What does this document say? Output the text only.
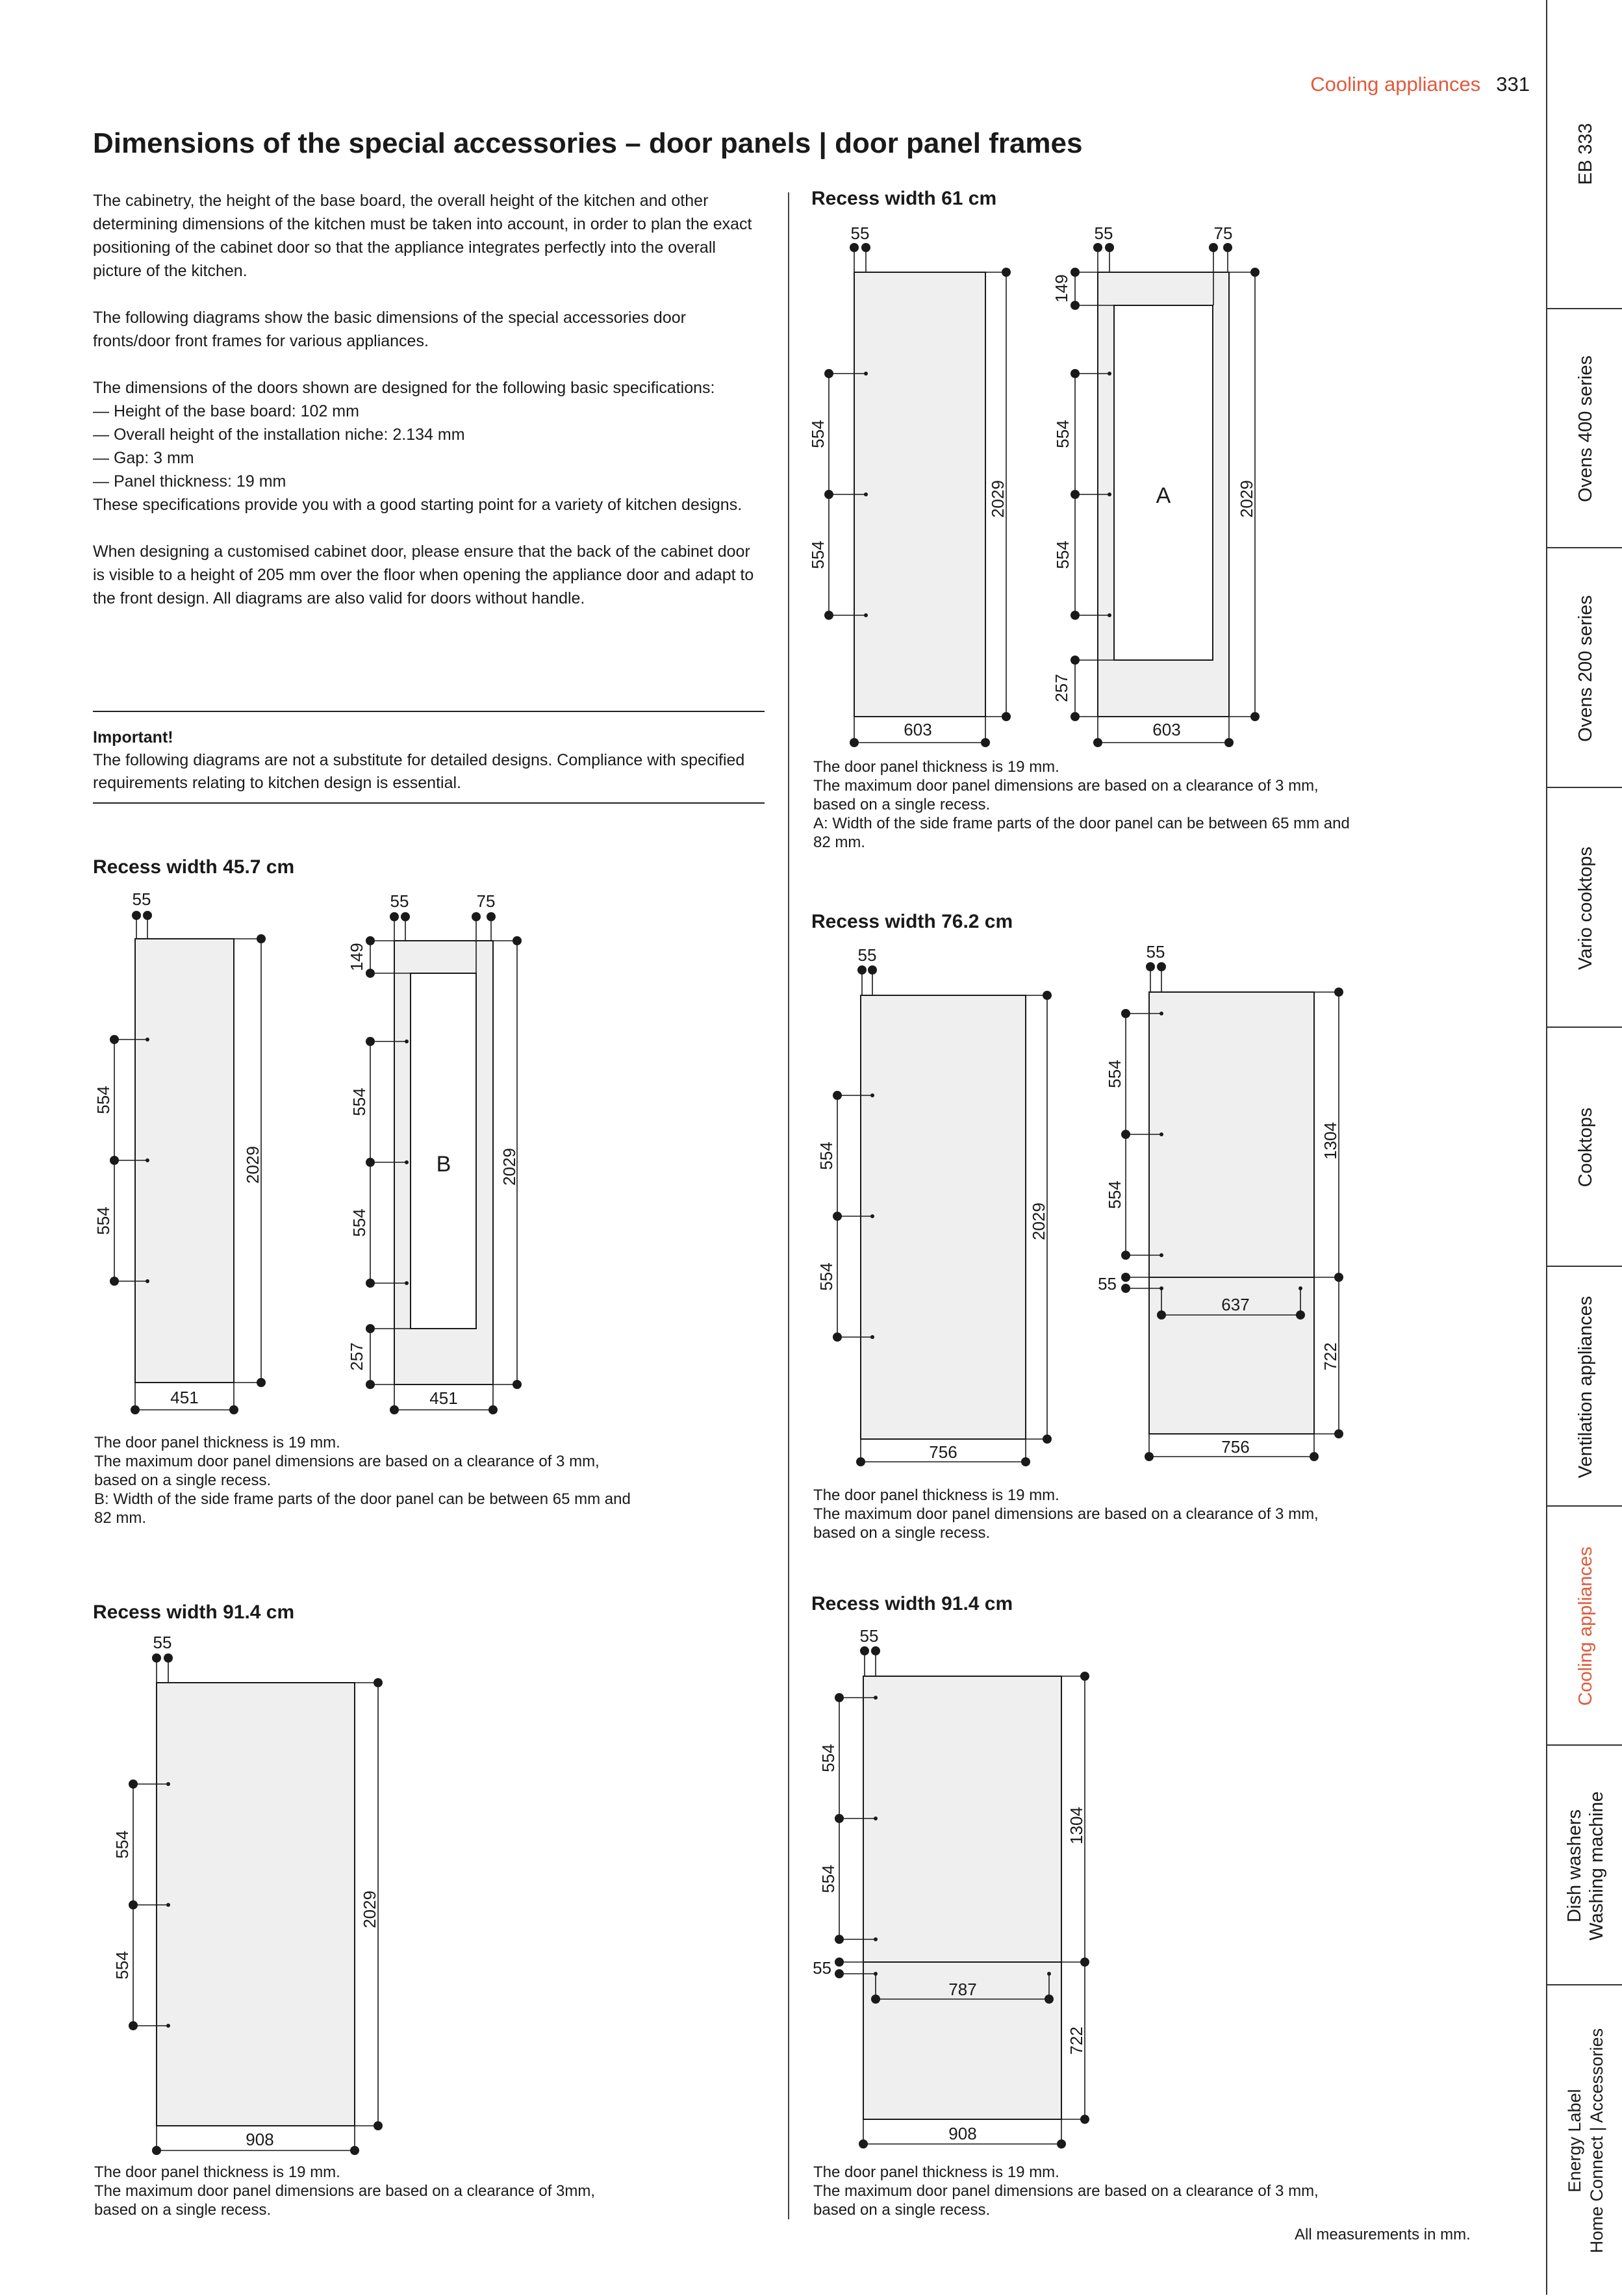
Cooling appliances 331
Dimensions of the special accessories – door panels | door panel frames

The cabinetry, the height of the base board, the overall height of the kitchen and other determining dimensions of the kitchen must be taken into account, in order to plan the exact positioning of the cabinet door so that the appliance integrates perfectly into the overall picture of the kitchen.

The following diagrams show the basic dimensions of the special accessories door fronts/door front frames for various appliances.

The dimensions of the doors shown are designed for the following basic specifications:
— Height of the base board: 102 mm
— Overall height of the installation niche: 2.134 mm
— Gap: 3 mm
— Panel thickness: 19 mm
These specifications provide you with a good starting point for a variety of kitchen designs.

When designing a customised cabinet door, please ensure that the back of the cabinet door is visible to a height of 205 mm over the floor when opening the appliance door and adapt to the front design. All diagrams are also valid for doors without handle.

Important!
The following diagrams are not a substitute for detailed designs. Compliance with specified requirements relating to kitchen design is essential.
Recess width 45.7 cm
554
554
2029
451
55
B
149
554
554
257
2029
451
55	75
The door panel thickness is 19 mm.
The maximum door panel dimensions are based on a clearance of 3 mm,
based on a single recess.
B: Width of the side frame parts of the door panel can be between 65 mm and
82 mm.
Recess width 61 cm
554
554
2029
603
55
A
149
554
554
257
2029
603
55	75
The door panel thickness is 19 mm.
The maximum door panel dimensions are based on a clearance of 3 mm,
based on a single recess.
A: Width of the side frame parts of the door panel can be between 65 mm and
82 mm.
Recess width 76.2 cm
554
554
2029
756
55
554
554
55
637
1304
722
756
55
The door panel thickness is 19 mm.
The maximum door panel dimensions are based on a clearance of 3 mm,
based on a single recess.
Recess width 91.4 cm
554
554
2029
908
55
The door panel thickness is 19 mm.
The maximum door panel dimensions are based on a clearance of 3mm,
based on a single recess.
Recess width 91.4 cm
554
554
55
787
1304
722
908
55
The door panel thickness is 19 mm.
The maximum door panel dimensions are based on a clearance of 3 mm,
based on a single recess.
All measurements in mm.
EB 333
Ovens 400 series
Ovens 200 series
Vario cooktops
Cooktops
Ventilation appliances
Cooling appliances
Dish washers Washing machine
Energy Label Home Connect | Accessories
